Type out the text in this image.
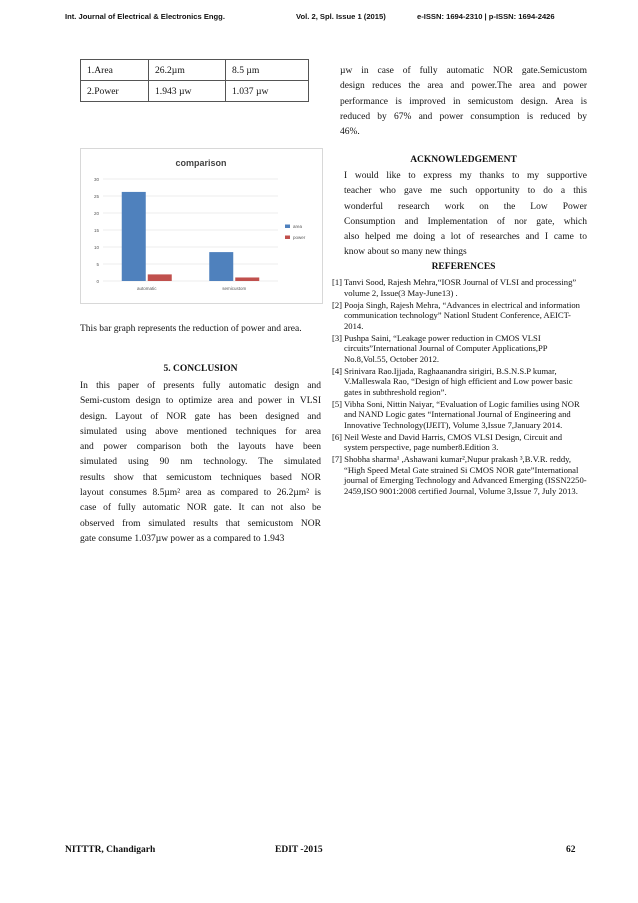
Int. Journal of Electrical & Electronics Engg.	Vol. 2, Spl. Issue 1 (2015)	e-ISSN: 1694-2310 | p-ISSN: 1694-2426
1.Area	26.2µm	8.5 µm
2.Power	1.943 µw	1.037 µw
comparison
0
5
10
15
20
25
30
automatic	semicustom
area
power
This bar graph represents the reduction of power and area.
5. CONCLUSION
In this paper of presents fully automatic design and
Semi-custom design to optimize area and power in VLSI
design. Layout of NOR gate has been designed and
simulated using above mentioned techniques for area
and power comparison both the layouts have been
simulated using 90 nm technology. The simulated
results show that semicustom techniques based NOR
layout consumes 8.5µm² area as compared to 26.2µm² is
case of fully automatic NOR gate. It can not also be
observed from simulated results that semicustom NOR
gate consume 1.037µw power as a compared to 1.943
µw in case of fully automatic NOR gate.Semicustom
design reduces the area and power.The area and power
performance is improved in semicustom design. Area is
reduced by 67% and power consumption is reduced by
46%.
ACKNOWLEDGEMENT
I would like to express my thanks to my supportive
teacher who gave me such opportunity to do a this
wonderful research work on the Low Power
Consumption and Implementation of nor gate, which
also helped me doing a lot of researches and I came to
know about so many new things
REFERENCES
[1] Tanvi Sood, Rajesh Mehra,“IOSR Journal of VLSI and processing” volume 2, Issue(3 May-June13) .
[2] Pooja Singh, Rajesh Mehra, “Advances in electrical and information communication technology” Nationl Student Conference, AEICT-2014.
[3] Pushpa Saini, “Leakage power reduction in CMOS VLSI circuits”International Journal of Computer Applications,PP No.8,Vol.55, October 2012.
[4] Srinivara Rao.Ijjada, Raghaanandra sirigiri, B.S.N.S.P kumar, V.Malleswala Rao, “Design of high efficient and Low power basic gates in subthreshold region”.
[5] Vibha Soni, Nittin Naiyar, “Evaluation of Logic families using NOR and NAND Logic gates “International Journal of Engineering and Innovative Technology(IJEIT), Volume 3,Issue 7,January 2014.
[6] Neil Weste and David Harris, CMOS VLSI Design, Circuit and system perspective, page number8.Edition 3.
[7] Shobha sharma¹ ,Ashawani kumar²,Nupur prakash ³,B.V.R. reddy, “High Speed Metal Gate strained Si CMOS NOR gate”International journal of Emerging Technology and Advanced Emerging (ISSN2250-2459,ISO 9001:2008 certified Journal, Volume 3,Issue 7, July 2013.
NITTTR, Chandigarh	EDIT -2015	62
